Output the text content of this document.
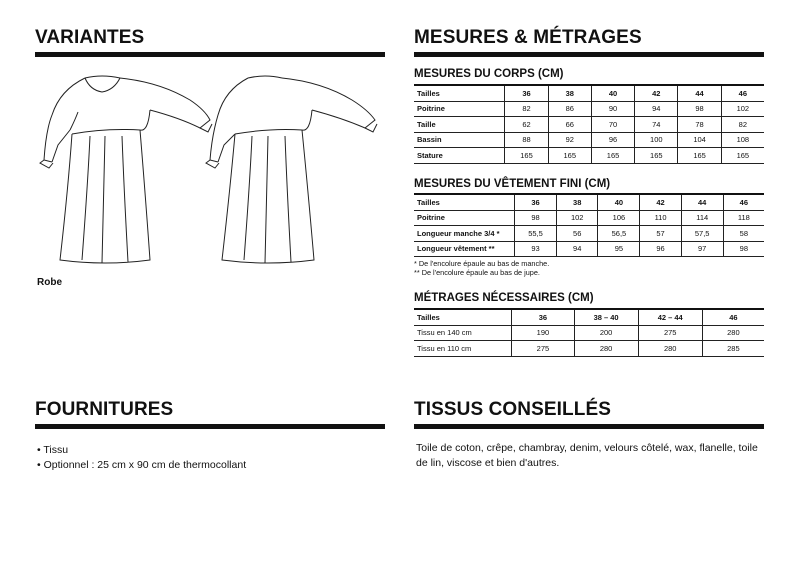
VARIANTES
Robe
FOURNITURES
• Tissu
• Optionnel : 25 cm x 90 cm de thermocollant
MESURES & MÉTRAGES
MESURES DU CORPS (CM)
Tailles	36	38	40	42	44	46
Poitrine	82	86	90	94	98	102
Taille	62	66	70	74	78	82
Bassin	88	92	96	100	104	108
Stature	165	165	165	165	165	165
MESURES DU VÊTEMENT FINI (CM)
Tailles	36	38	40	42	44	46
Poitrine	98	102	106	110	114	118
Longueur manche 3/4 *	55,5	56	56,5	57	57,5	58
Longueur vêtement **	93	94	95	96	97	98
* De l'encolure épaule au bas de manche.
** De l'encolure épaule au bas de jupe.
MÉTRAGES NÉCESSAIRES (CM)
Tailles	36	38 – 40	42 – 44	46
Tissu en 140 cm	190	200	275	280
Tissu en 110 cm	275	280	280	285
TISSUS CONSEILLÉS
Toile de coton, crêpe, chambray, denim, velours côtelé, wax, flanelle, toile de lin, viscose et bien d'autres.
